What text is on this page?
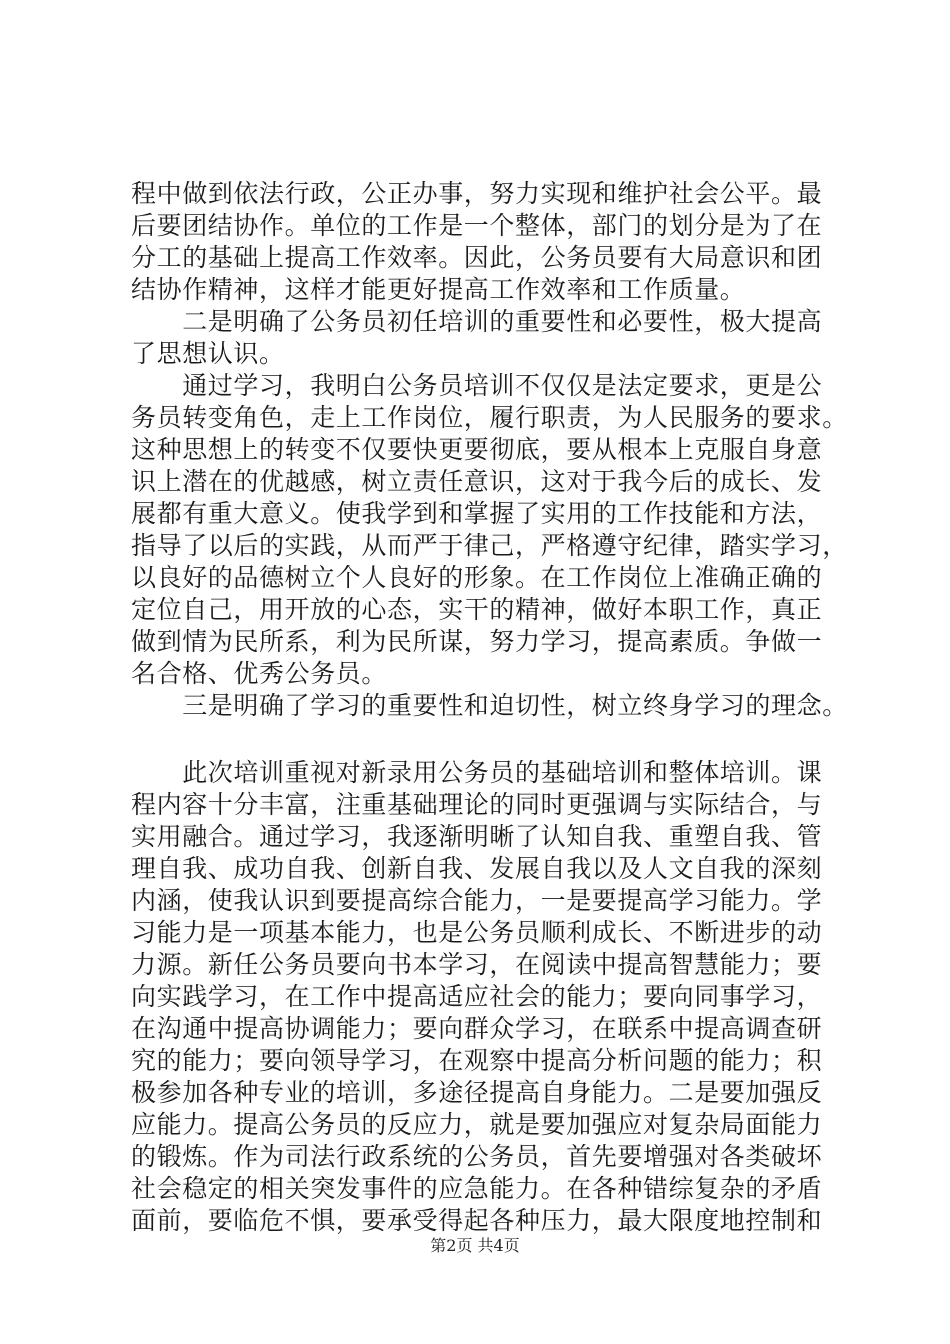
程中做到依法行政，公正办事，努力实现和维护社会公平。最
后要团结协作。单位的工作是一个整体，部门的划分是为了在
分工的基础上提高工作效率。因此，公务员要有大局意识和团
结协作精神，这样才能更好提高工作效率和工作质量。
　　二是明确了公务员初任培训的重要性和必要性，极大提高
了思想认识。
　　通过学习，我明白公务员培训不仅仅是法定要求，更是公
务员转变角色，走上工作岗位，履行职责，为人民服务的要求。
这种思想上的转变不仅要快更要彻底，要从根本上克服自身意
识上潜在的优越感，树立责任意识，这对于我今后的成长、发
展都有重大意义。使我学到和掌握了实用的工作技能和方法，
指导了以后的实践，从而严于律己，严格遵守纪律，踏实学习，
以良好的品德树立个人良好的形象。在工作岗位上准确正确的
定位自己，用开放的心态，实干的精神，做好本职工作，真正
做到情为民所系，利为民所谋，努力学习，提高素质。争做一
名合格、优秀公务员。
　　三是明确了学习的重要性和迫切性，树立终身学习的理念。
　　此次培训重视对新录用公务员的基础培训和整体培训。课
程内容十分丰富，注重基础理论的同时更强调与实际结合，与
实用融合。通过学习，我逐渐明晰了认知自我、重塑自我、管
理自我、成功自我、创新自我、发展自我以及人文自我的深刻
内涵，使我认识到要提高综合能力，一是要提高学习能力。学
习能力是一项基本能力，也是公务员顺利成长、不断进步的动
力源。新任公务员要向书本学习，在阅读中提高智慧能力；要
向实践学习，在工作中提高适应社会的能力；要向同事学习，
在沟通中提高协调能力；要向群众学习，在联系中提高调查研
究的能力；要向领导学习，在观察中提高分析问题的能力；积
极参加各种专业的培训，多途径提高自身能力。二是要加强反
应能力。提高公务员的反应力，就是要加强应对复杂局面能力
的锻炼。作为司法行政系统的公务员，首先要增强对各类破坏
社会稳定的相关突发事件的应急能力。在各种错综复杂的矛盾
面前，要临危不惧，要承受得起各种压力，最大限度地控制和
第2页 共4页
